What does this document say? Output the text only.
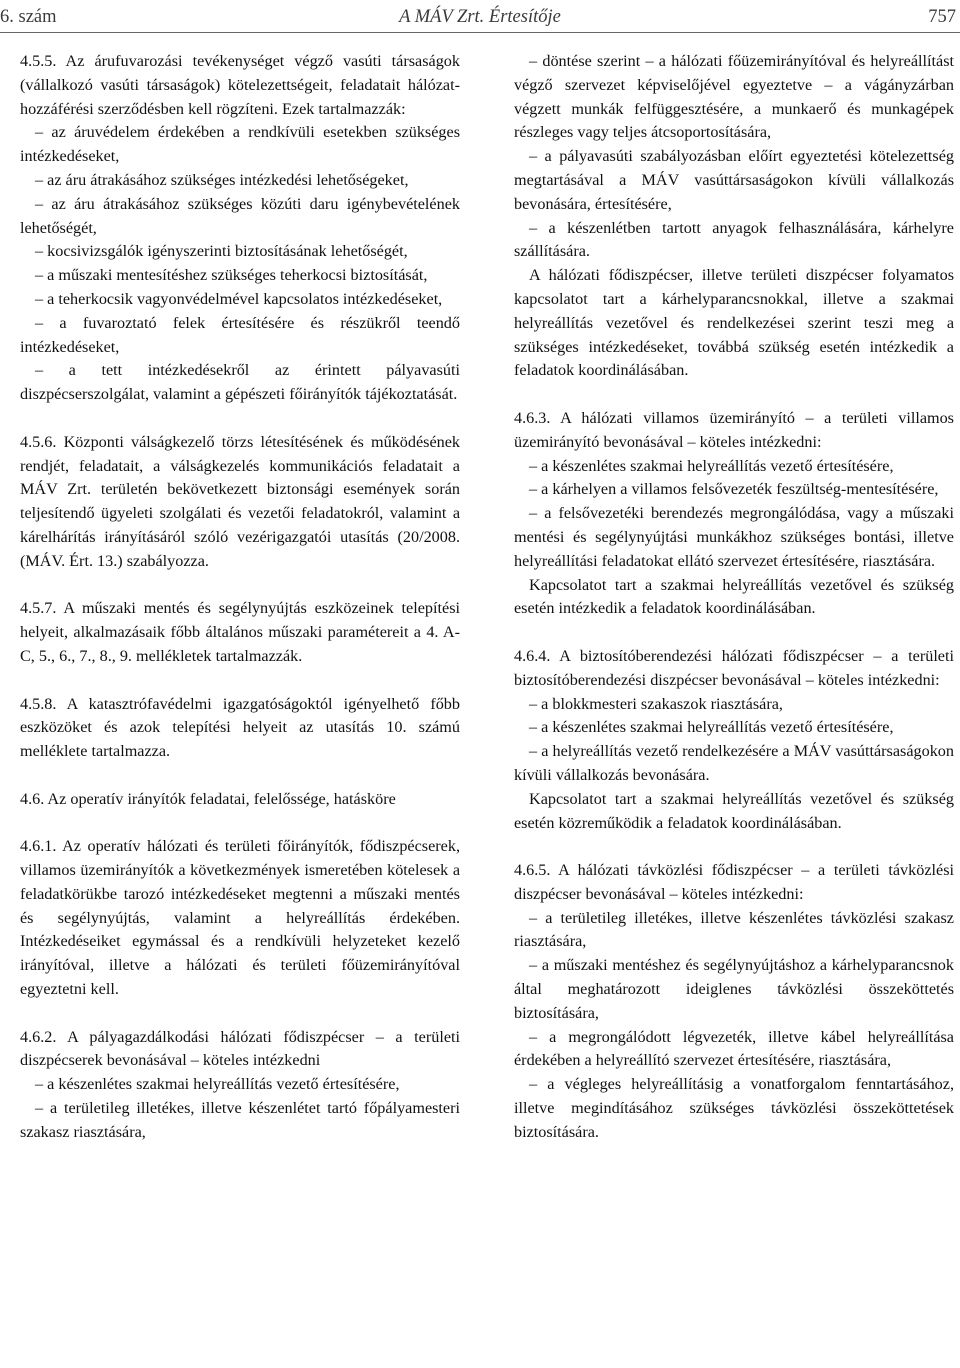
6. szám	A MÁV Zrt. Értesítője	757

4.5.5. Az árufuvarozási tevékenységet végző vasúti társaságok (vállalkozó vasúti társaságok) kötelezettségeit, feladatait hálózat-hozzáférési szerződésben kell rögzíteni. Ezek tartalmazzák:

– az áruvédelem érdekében a rendkívüli esetekben szükséges intézkedéseket,

– az áru átrakásához szükséges intézkedési lehetőségeket,

– az áru átrakásához szükséges közúti daru igénybevételének lehetőségét,

– kocsivizsgálók igényszerinti biztosításának lehetőségét,

– a műszaki mentesítéshez szükséges teherkocsi biztosítását,

– a teherkocsik vagyonvédelmével kapcsolatos intézkedéseket,

– a fuvaroztató felek értesítésére és részükről teendő intézkedéseket,

– a tett intézkedésekről az érintett pályavasúti diszpécserszolgálat, valamint a gépészeti főirányítók tájékoztatását.

4.5.6. Központi válságkezelő törzs létesítésének és működésének rendjét, feladatait, a válságkezelés kommunikációs feladatait a MÁV Zrt. területén bekövetkezett biztonsági események során teljesítendő ügyeleti szolgálati és vezetői feladatokról, valamint a kárelhárítás irányításáról szóló vezérigazgatói utasítás (20/2008. (MÁV. Ért. 13.) szabályozza.

4.5.7. A műszaki mentés és segélynyújtás eszközeinek telepítési helyeit, alkalmazásaik főbb általános műszaki paramétereit a 4. A-C, 5., 6., 7., 8., 9. mellékletek tartalmazzák.

4.5.8. A katasztrófavédelmi igazgatóságoktól igényelhető főbb eszközöket és azok telepítési helyeit az utasítás 10. számú melléklete tartalmazza.

4.6. Az operatív irányítók feladatai, felelőssége, hatásköre

4.6.1. Az operatív hálózati és területi főirányítók, fődiszpécserek, villamos üzemirányítók a következmények ismeretében kötelesek a feladatkörükbe tarozó intézkedéseket megtenni a műszaki mentés és segélynyújtás, valamint a helyreállítás érdekében. Intézkedéseiket egymással és a rendkívüli helyzeteket kezelő irányítóval, illetve a hálózati és területi főüzemirányítóval egyeztetni kell.

4.6.2. A pályagazdálkodási hálózati fődiszpécser – a területi diszpécserek bevonásával – köteles intézkedni

– a készenlétes szakmai helyreállítás vezető értesítésére,

– a területileg illetékes, illetve készenlétet tartó főpályamesteri szakasz riasztására,

– döntése szerint – a hálózati főüzemirányítóval és helyreállítást végző szervezet képviselőjével egyeztetve – a vágányzárban végzett munkák felfüggesztésére, a munkaerő és munkagépek részleges vagy teljes átcsoportosítására,

– a pályavasúti szabályozásban előírt egyeztetési kötelezettség megtartásával a MÁV vasúttársaságokon kívüli vállalkozás bevonására, értesítésére,

– a készenlétben tartott anyagok felhasználására, kárhelyre szállítására.

A hálózati fődiszpécser, illetve területi diszpécser folyamatos kapcsolatot tart a kárhelyparancsnokkal, illetve a szakmai helyreállítás vezetővel és rendelkezései szerint teszi meg a szükséges intézkedéseket, továbbá szükség esetén intézkedik a feladatok koordinálásában.

4.6.3. A hálózati villamos üzemirányító – a területi villamos üzemirányító bevonásával – köteles intézkedni:

– a készenlétes szakmai helyreállítás vezető értesítésére,

– a kárhelyen a villamos felsővezeték feszültség-mentesítésére,

– a felsővezetéki berendezés megrongálódása, vagy a műszaki mentési és segélynyújtási munkákhoz szükséges bontási, illetve helyreállítási feladatokat ellátó szervezet értesítésére, riasztására.

Kapcsolatot tart a szakmai helyreállítás vezetővel és szükség esetén intézkedik a feladatok koordinálásában.

4.6.4. A biztosítóberendezési hálózati fődiszpécser – a területi biztosítóberendezési diszpécser bevonásával – köteles intézkedni:

– a blokkmesteri szakaszok riasztására,

– a készenlétes szakmai helyreállítás vezető értesítésére,

– a helyreállítás vezető rendelkezésére a MÁV vasúttársaságokon kívüli vállalkozás bevonására.

Kapcsolatot tart a szakmai helyreállítás vezetővel és szükség esetén közreműködik a feladatok koordinálásában.

4.6.5. A hálózati távközlési fődiszpécser – a területi távközlési diszpécser bevonásával – köteles intézkedni:

– a területileg illetékes, illetve készenlétes távközlési szakasz riasztására,

– a műszaki mentéshez és segélynyújtáshoz a kárhelyparancsnok által meghatározott ideiglenes távközlési összeköttetés biztosítására,

– a megrongálódott légvezeték, illetve kábel helyreállítása érdekében a helyreállító szervezet értesítésére, riasztására,

– a végleges helyreállításig a vonatforgalom fenntartásához, illetve megindításához szükséges távközlési összeköttetések biztosítására.
